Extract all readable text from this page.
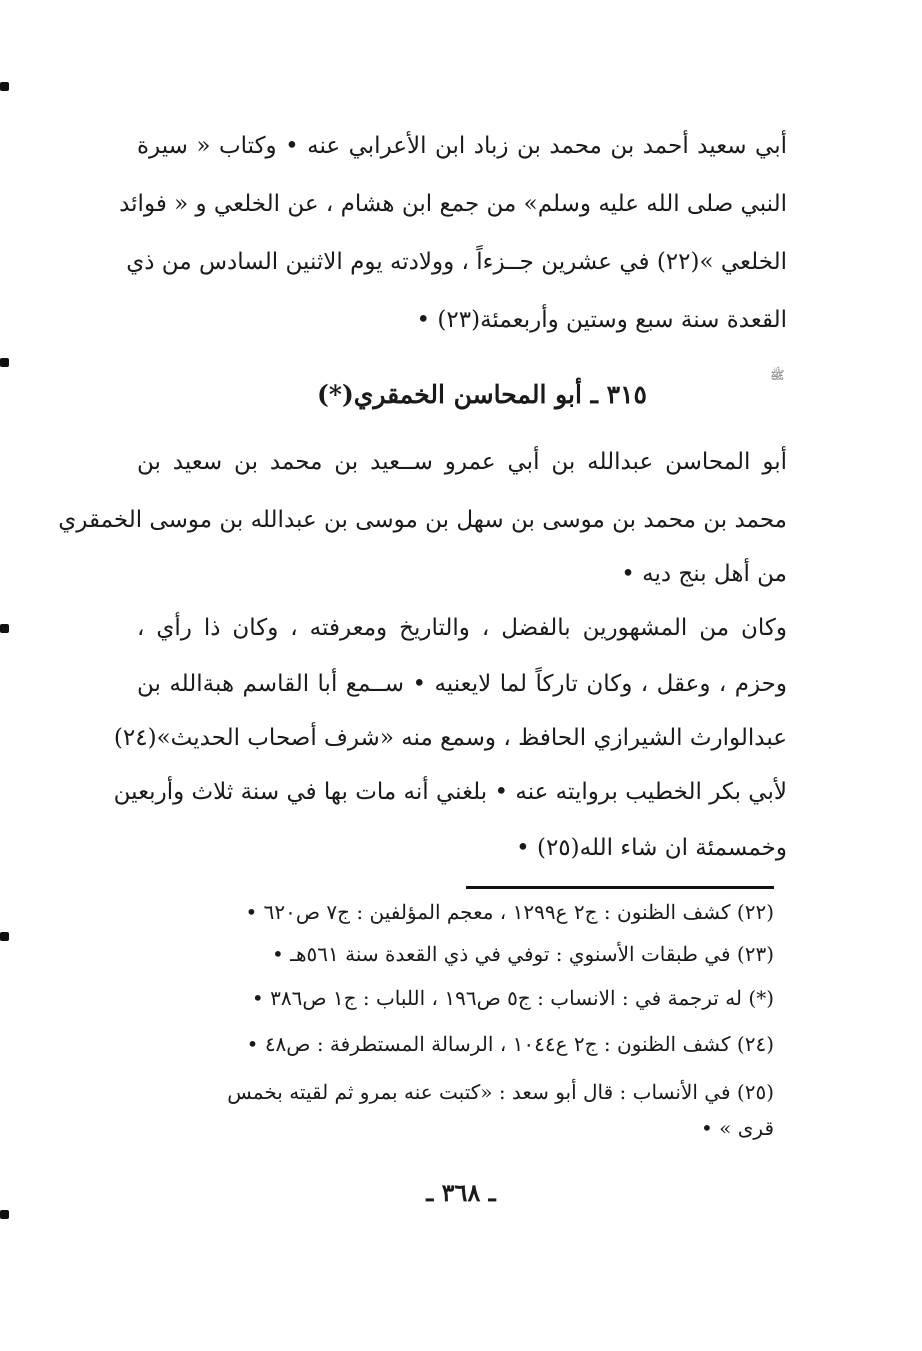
أبي سعيد أحمد بن محمد بن زباد ابن الأعرابي عنه • وكتاب « سيرة
النبي صلى الله عليه وسلم» من جمع ابن هشام ، عن الخلعي و « فوائد
الخلعي »(٢٢) في عشرين جــزءاً ، وولادته يوم الاثنين السادس من ذي
القعدة سنة سبع وستين وأربعمئة(٢٣) •
ﷺ
٣١٥ ـ أبو المحاسن الخمقري(*)
أبو المحاسن عبدالله بن أبي عمرو ســعيد بن محمد بن سعيد بن
محمد بن محمد بن موسى بن سهل بن موسى بن عبدالله بن موسى الخمقري
من أهل بنج ديه •
وكان من المشهورين بالفضل ، والتاريخ ومعرفته ، وكان ذا رأي ،
وحزم ، وعقل ، وكان تاركاً لما لايعنيه • ســمع أبا القاسم هبةالله بن
عبدالوارث الشيرازي الحافظ ، وسمع منه «شرف أصحاب الحديث»(٢٤)
لأبي بكر الخطيب بروايته عنه • بلغني أنه مات بها في سنة ثلاث وأربعين
وخمسمئة ان شاء الله(٢٥) •
(٢٢) كشف الظنون : ج٢ ع١٢٩٩ ، معجم المؤلفين : ج٧ ص٦٢٠ •
(٢٣) في طبقات الأسنوي : توفي في ذي القعدة سنة ٥٦١هـ •
(*) له ترجمة في : الانساب : ج٥ ص١٩٦ ، اللباب : ج١ ص٣٨٦ •
(٢٤) كشف الظنون : ج٢ ع١٠٤٤ ، الرسالة المستطرفة : ص٤٨ •
(٢٥) في الأنساب : قال أبو سعد : «كتبت عنه بمرو ثم لقيته بخمس
قرى » •
ـ ٣٦٨ ـ
